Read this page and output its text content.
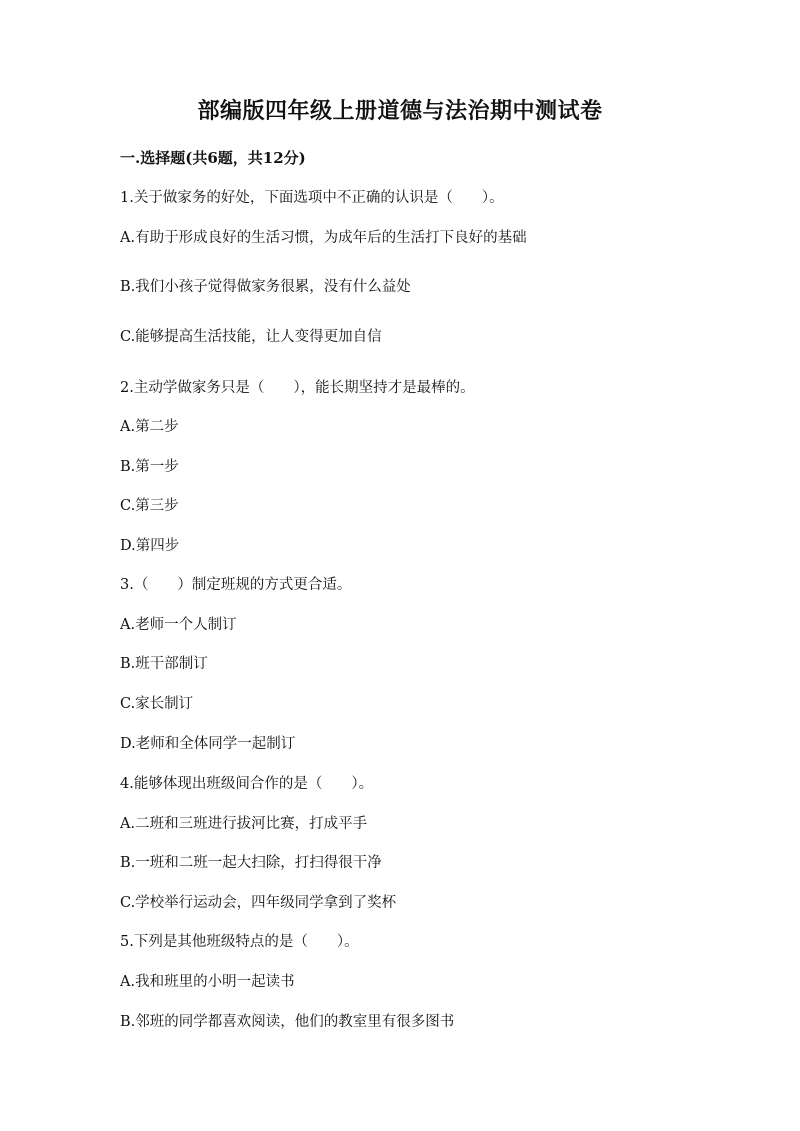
部编版四年级上册道德与法治期中测试卷
一.选择题(共6题，共12分)
1.关于做家务的好处，下面选项中不正确的认识是（　　）。
A.有助于形成良好的生活习惯，为成年后的生活打下良好的基础
B.我们小孩子觉得做家务很累，没有什么益处
C.能够提高生活技能，让人变得更加自信
2.主动学做家务只是（　　），能长期坚持才是最棒的。
A.第二步
B.第一步
C.第三步
D.第四步
3.（　　）制定班规的方式更合适。
A.老师一个人制订
B.班干部制订
C.家长制订
D.老师和全体同学一起制订
4.能够体现出班级间合作的是（　　）。
A.二班和三班进行拔河比赛，打成平手
B.一班和二班一起大扫除，打扫得很干净
C.学校举行运动会，四年级同学拿到了奖杯
5.下列是其他班级特点的是（　　）。
A.我和班里的小明一起读书
B.邻班的同学都喜欢阅读，他们的教室里有很多图书
